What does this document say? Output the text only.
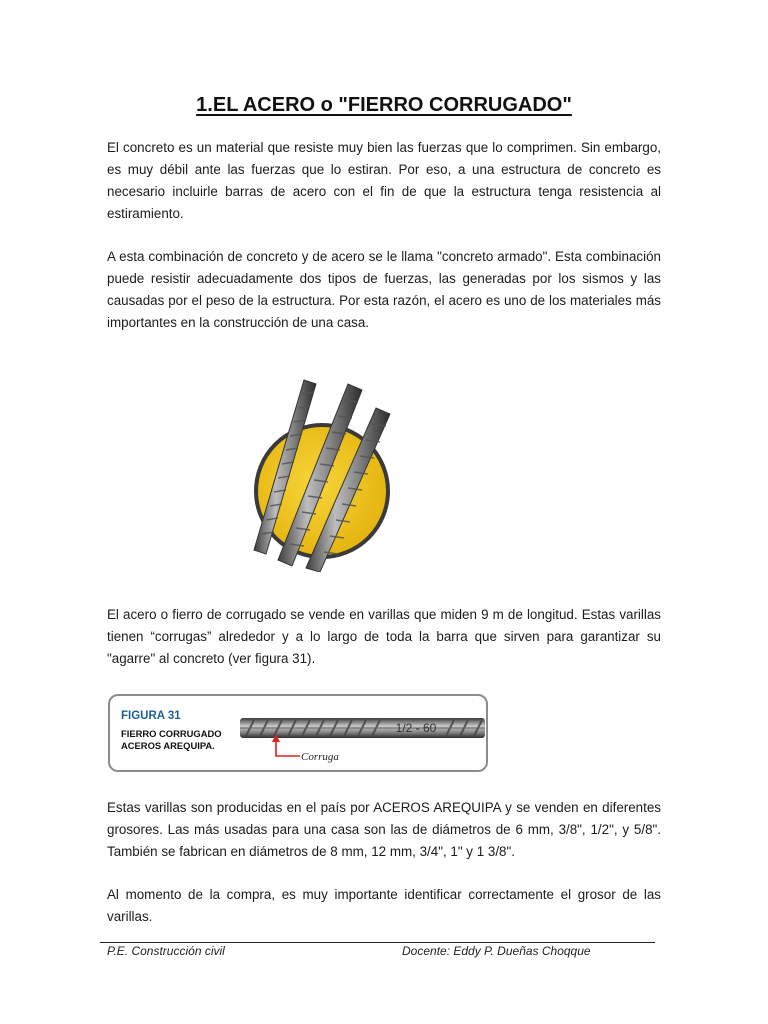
1.EL ACERO o "FIERRO CORRUGADO"
El concreto es un material que resiste muy bien las fuerzas que lo comprimen. Sin embargo, es muy débil ante las fuerzas que lo estiran. Por eso, a una estructura de concreto es necesario incluirle barras de acero con el fin de que la estructura tenga resistencia al estiramiento.
A esta combinación de concreto y de acero se le llama "concreto armado". Esta combinación puede resistir adecuadamente dos tipos de fuerzas, las generadas por los sismos y las causadas por el peso de la estructura. Por esta razón, el acero es uno de los materiales más importantes en la construcción de una casa.
El acero o fierro de corrugado se vende en varillas que miden 9 m de longitud. Estas varillas tienen “corrugas” alrededor y a lo largo de toda la barra que sirven para garantizar su "agarre" al concreto (ver figura 31).
FIGURA 31
FIERRO CORRUGADO
ACEROS AREQUIPA.
1/2 - 60
Corruga
Estas varillas son producidas en el país por ACEROS AREQUIPA y se venden en diferentes grosores. Las más usadas para una casa son las de diámetros de 6 mm, 3/8", 1/2", y 5/8". También se fabrican en diámetros de 8 mm, 12 mm, 3/4", 1" y 1 3/8".
Al momento de la compra, es muy importante identificar correctamente el grosor de las varillas.
P.E. Construcción civil	Docente: Eddy P. Dueñas Choqque
